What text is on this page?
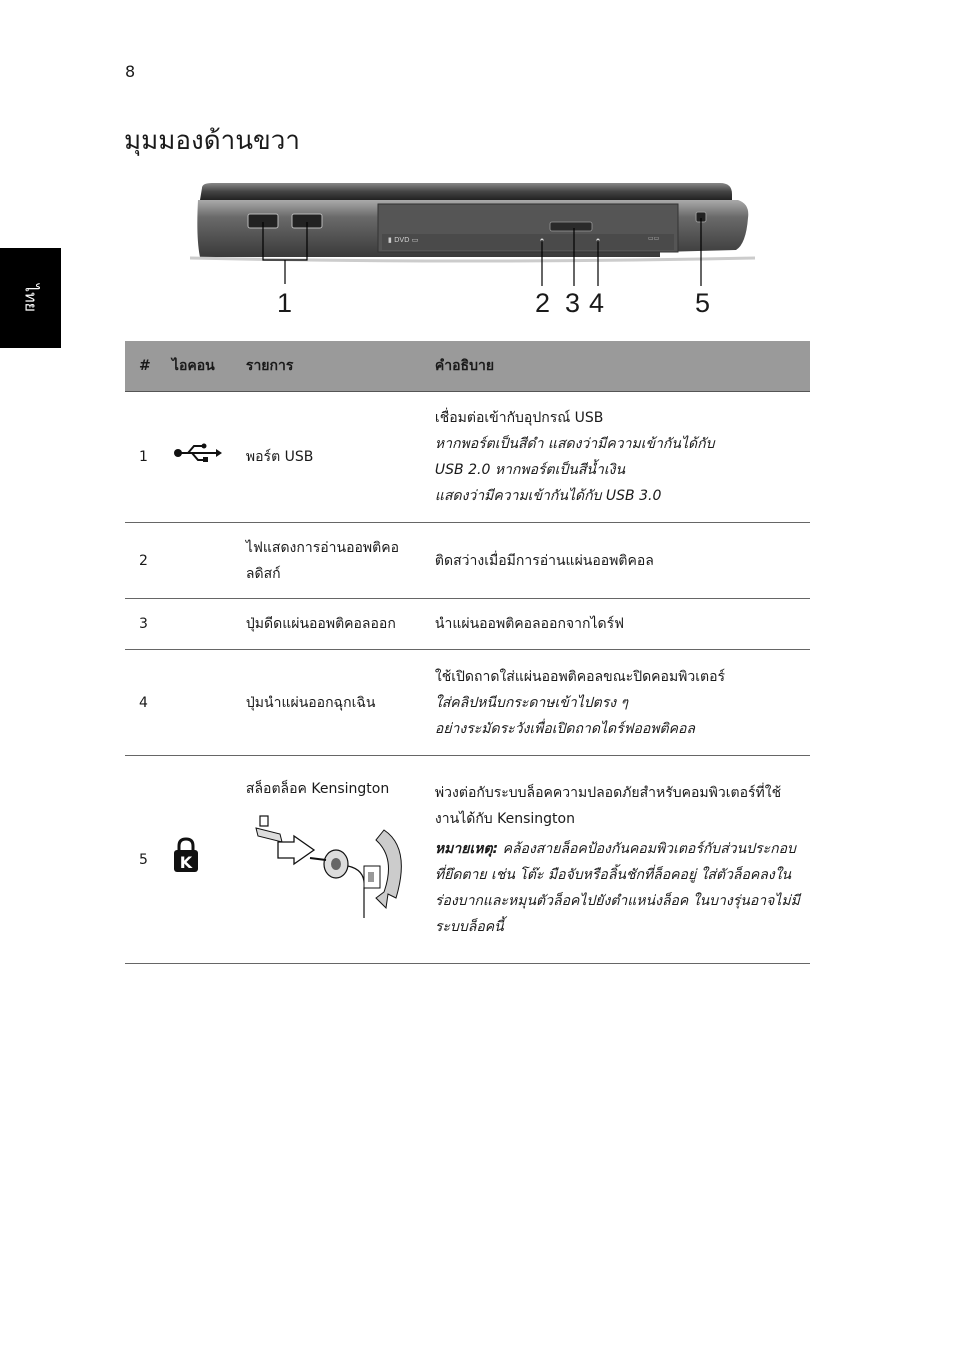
8
มุมมองด้านขวา
ไทย
▮ DVD ▭	▭▭
1	2 3 4	5
#	ไอคอน	รายการ	คำอธิบาย
1		พอร์ต USB	เชื่อมต่อเข้ากับอุปกรณ์ USB

หากพอร์ตเป็นสีดำ แสดงว่ามีความเข้ากันได้กับ

USB 2.0 หากพอร์ตเป็นสีน้ำเงิน

แสดงว่ามีความเข้ากันได้กับ USB 3.0

2		ไฟแสดงการอ่านออพติคอลดิสก์	ติดสว่างเมื่อมีการอ่านแผ่นออพติคอล

3		ปุ่มดีดแผ่นออพติคอลออก	นำแผ่นออพติคอลออกจากไดร์ฟ

4		ปุ่มนำแผ่นออกฉุกเฉิน	ใช้เปิดถาดใส่แผ่นออพติคอลขณะปิดคอมพิวเตอร์

ใส่คลิปหนีบกระดาษเข้าไปตรง ๆ

อย่างระมัดระวังเพื่อเปิดถาดไดร์ฟออพติคอล

5	K	สล็อตล็อค Kensington	พ่วงต่อกับระบบล็อคความปลอดภัยสำหรับคอมพิวเตอร์ที่ใช้งานได้กับ Kensington

หมายเหตุ: คล้องสายล็อคป้องกันคอมพิวเตอร์กับส่วนประกอบที่ยึดตาย เช่น โต๊ะ มือจับหรือลิ้นชักที่ล็อคอยู่ ใส่ตัวล็อคลงในร่องบากและหมุนตัวล็อคไปยังตำแหน่งล็อค ในบางรุ่นอาจไม่มีระบบล็อคนี้
